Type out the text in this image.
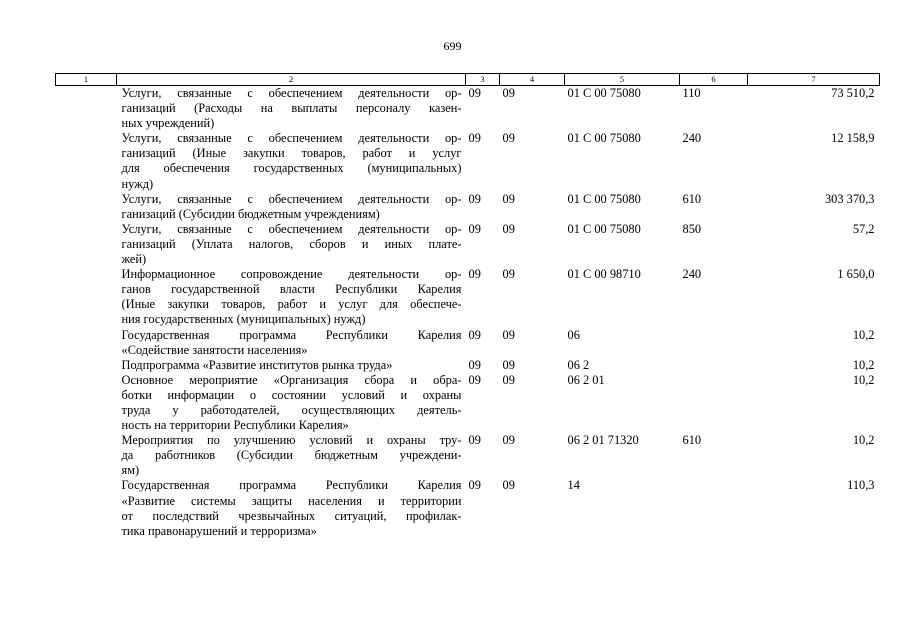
699
1	2	3	4	5	6	7

	Услуги, связанные с обеспечением деятельности ор-
ганизаций (Расходы на выплаты персоналу казен-
ных учреждений)	09	09	01 С 00 75080	110	73 510,2

	Услуги, связанные с обеспечением деятельности ор-
ганизаций (Иные закупки товаров, работ и услуг
для обеспечения государственных (муниципальных)
нужд)	09	09	01 С 00 75080	240	12 158,9

	Услуги, связанные с обеспечением деятельности ор-
ганизаций (Субсидии бюджетным учреждениям)	09	09	01 С 00 75080	610	303 370,3

	Услуги, связанные с обеспечением деятельности ор-
ганизаций (Уплата налогов, сборов и иных плате-
жей)	09	09	01 С 00 75080	850	57,2

	Информационное сопровождение деятельности ор-
ганов государственной власти Республики Карелия
(Иные закупки товаров, работ и услуг для обеспече-
ния государственных (муниципальных) нужд)	09	09	01 С 00 98710	240	1 650,0

	Государственная программа Республики Карелия
«Содействие занятости населения»	09	09	06		10,2

	Подпрограмма «Развитие институтов рынка труда»	09	09	06 2		10,2

	Основное мероприятие «Организация сбора и обра-
ботки информации о состоянии условий и охраны
труда у работодателей, осуществляющих деятель-
ность на территории Республики Карелия»	09	09	06 2 01		10,2

	Мероприятия по улучшению условий и охраны тру-
да работников (Субсидии бюджетным учреждени-
ям)	09	09	06 2 01 71320	610	10,2

	Государственная программа Республики Карелия
«Развитие системы защиты населения и территории
от последствий чрезвычайных ситуаций, профилак-
тика правонарушений и терроризма»	09	09	14		110,3
